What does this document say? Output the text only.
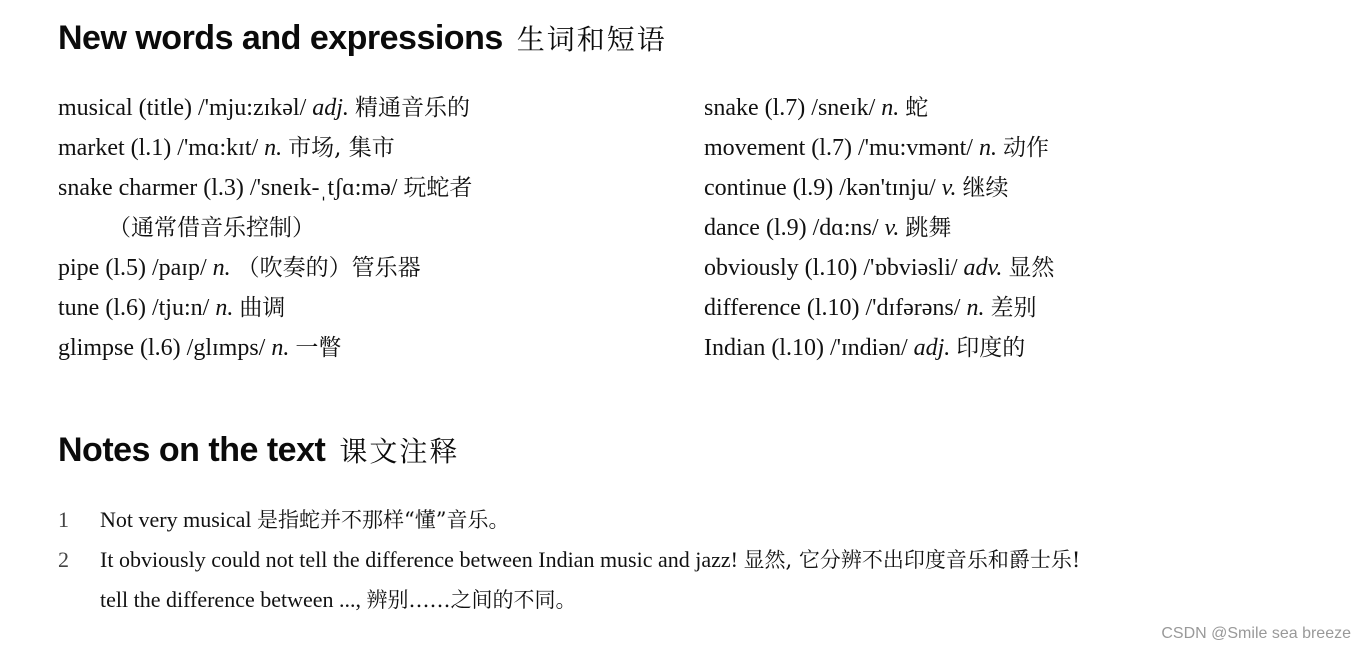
New words and expressions 生词和短语
musical (title) /'mju:zɪkəl/ adj. 精通音乐的
market (l.1) /'mɑ:kɪt/ n. 市场, 集市
snake charmer (l.3) /'sneɪk-ˌtʃɑ:mə/ 玩蛇者
（通常借音乐控制）
pipe (l.5) /paɪp/ n. （吹奏的）管乐器
tune (l.6) /tju:n/ n. 曲调
glimpse (l.6) /glɪmps/ n. 一瞥
snake (l.7) /sneɪk/ n. 蛇
movement (l.7) /'mu:vmənt/ n. 动作
continue (l.9) /kən'tɪnju/ v. 继续
dance (l.9) /dɑ:ns/ v. 跳舞
obviously (l.10) /'ɒbviəsli/ adv. 显然
difference (l.10) /'dɪfərəns/ n. 差别
Indian (l.10) /'ɪndiən/ adj. 印度的
Notes on the text 课文注释
1 Not very musical 是指蛇并不那样“懂”音乐。
2 It obviously could not tell the difference between Indian music and jazz! 显然, 它分辨不出印度音乐和爵士乐!
tell the difference between ..., 辨别……之间的不同。
CSDN @Smile sea breeze
